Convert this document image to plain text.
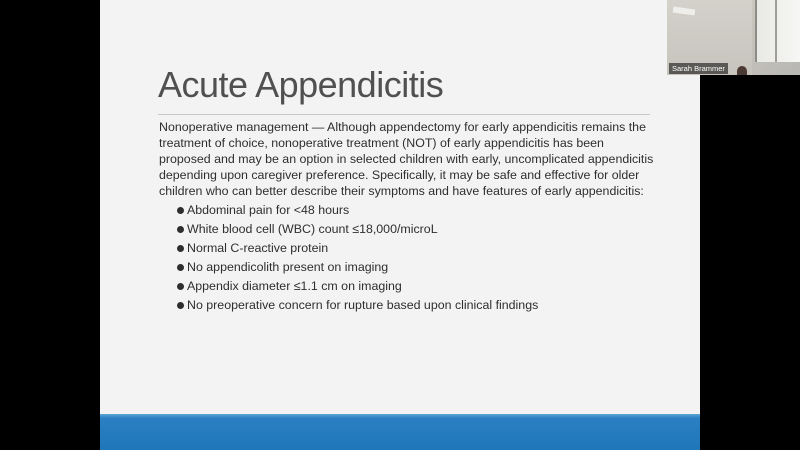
Acute Appendicitis

Nonoperative management — Although appendectomy for early appendicitis remains the treatment of choice, nonoperative treatment (NOT) of early appendicitis has been proposed and may be an option in selected children with early, uncomplicated appendicitis depending upon caregiver preference. Specifically, it may be safe and effective for older children who can better describe their symptoms and have features of early appendicitis:

Abdominal pain for <48 hours
White blood cell (WBC) count ≤18,000/microL
Normal C-reactive protein
No appendicolith present on imaging
Appendix diameter ≤1.1 cm on imaging
No preoperative concern for rupture based upon clinical findings
Sarah Brammer
